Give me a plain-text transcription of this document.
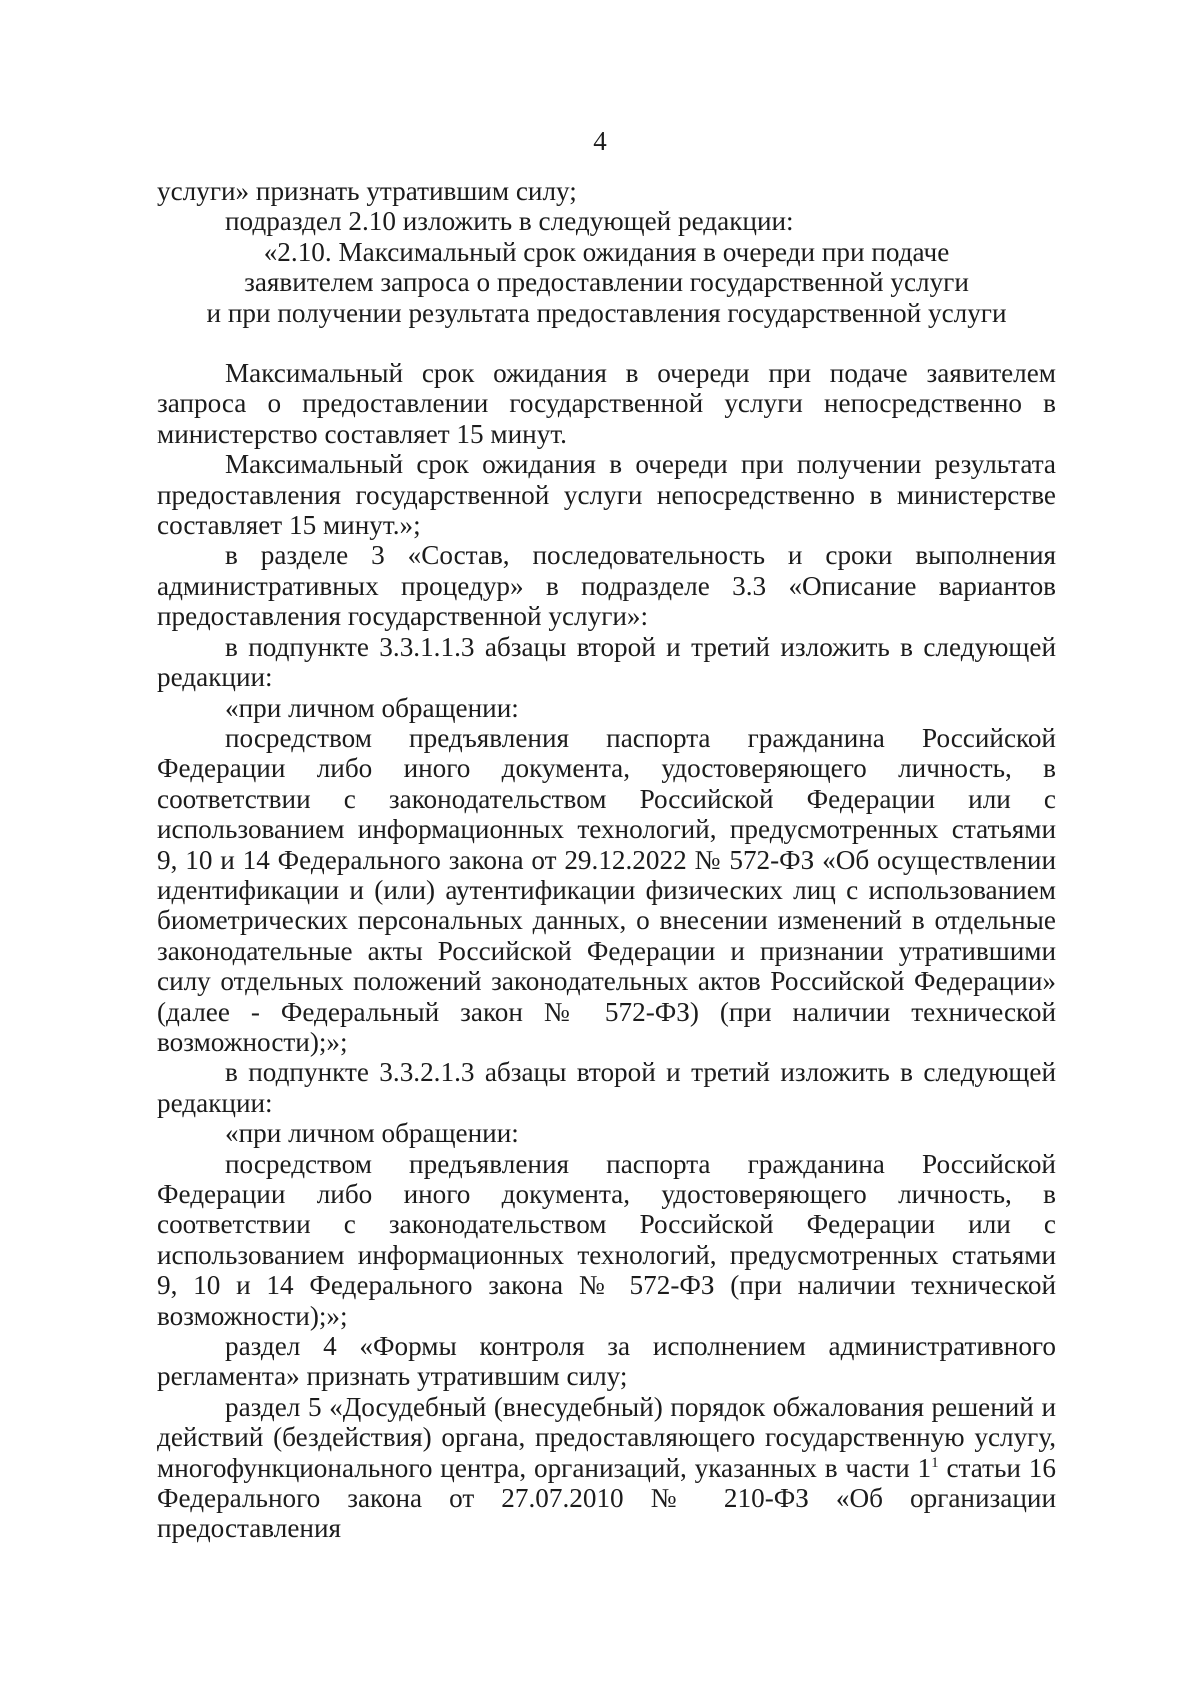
4

услуги» признать утратившим силу;

подраздел 2.10 изложить в следующей редакции:

«2.10. Максимальный срок ожидания в очереди при подаче

заявителем запроса о предоставлении государственной услуги

и при получении результата предоставления государственной услуги

Максимальный срок ожидания в очереди при подаче заявителем запроса о предоставлении государственной услуги непосредственно в министерство составляет 15 минут.

Максимальный срок ожидания в очереди при получении результата предоставления государственной услуги непосредственно в министерстве составляет 15 минут.»;

в разделе 3 «Состав, последовательность и сроки выполнения административных процедур» в подразделе 3.3 «Описание вариантов предоставления государственной услуги»:

в подпункте 3.3.1.1.3 абзацы второй и третий изложить в следующей редакции:

«при личном обращении:

посредством предъявления паспорта гражданина Российской Федерации либо иного документа, удостоверяющего личность, в соответствии с законодательством Российской Федерации или с использованием информационных технологий, предусмотренных статьями 9, 10 и 14 Федерального закона от 29.12.2022 № 572-ФЗ «Об осуществлении идентификации и (или) аутентификации физических лиц с использованием биометрических персональных данных, о внесении изменений в отдельные законодательные акты Российской Федерации и признании утратившими силу отдельных положений законодательных актов Российской Федерации» (далее - Федеральный закон № 572-ФЗ) (при наличии технической возможности);»;

в подпункте 3.3.2.1.3 абзацы второй и третий изложить в следующей редакции:

«при личном обращении:

посредством предъявления паспорта гражданина Российской Федерации либо иного документа, удостоверяющего личность, в соответствии с законодательством Российской Федерации или с использованием информационных технологий, предусмотренных статьями 9, 10 и 14 Федерального закона № 572-ФЗ (при наличии технической возможности);»;

раздел 4 «Формы контроля за исполнением административного регламента» признать утратившим силу;

раздел 5 «Досудебный (внесудебный) порядок обжалования решений и действий (бездействия) органа, предоставляющего государственную услугу, многофункционального центра, организаций, указанных в части $1^1$ статьи 16 Федерального закона от 27.07.2010 № 210-ФЗ «Об организации предоставления
